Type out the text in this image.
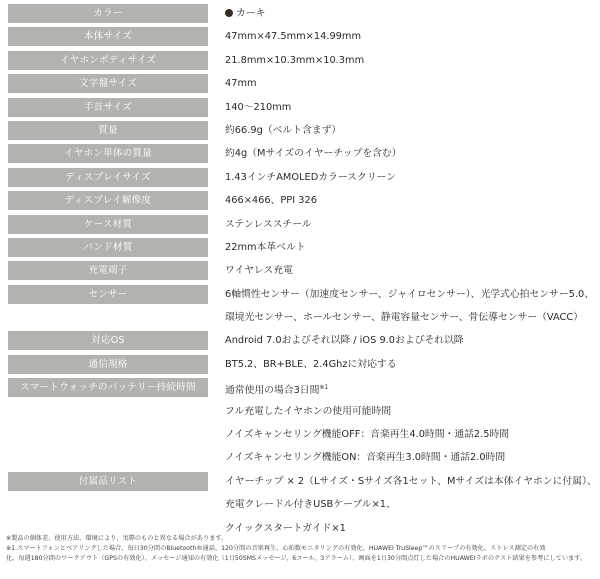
カラー	カーキ
本体サイズ	47mm×47.5mm×14.99mm
イヤホンボディサイズ	21.8mm×10.3mm×10.3mm
文字盤サイズ	47mm
手首サイズ	140～210mm
質量	約66.9g（ベルト含まず）
イヤホン単体の質量	約4g（Mサイズのイヤーチップを含む）
ディスプレイサイズ	1.43インチAMOLEDカラースクリーン
ディスプレイ解像度	466×466、PPI 326
ケース材質	ステンレススチール
バンド材質	22mm本革ベルト
充電端子	ワイヤレス充電
センサー	6軸慣性センサー（加速度センサー、ジャイロセンサー）、光学式心拍センサー5.0、
環境光センサー、ホールセンサー、静電容量センサー、骨伝導センサー（VACC）
対応OS	Android 7.0およびそれ以降 / iOS 9.0およびそれ以降
通信規格	BT5.2、BR+BLE、2.4Ghzに対応する
スマートウォッチのバッテリー持続時間	通常使用の場合3日間$^{※1}$
フル充電したイヤホンの使用可能時間
ノイズキャンセリング機能OFF：音楽再生4.0時間・通話2.5時間
ノイズキャンセリング機能ON：音楽再生3.0時間・通話2.0時間
付属品リスト	イヤーチップ × 2（Lサイズ・Sサイズ各1セット、Mサイズは本体イヤホンに付属）、
充電クレードル付きUSBケーブル×1、
クイックスタートガイド×1
※製品の個体差、使用方法、環境により、実際のものと異なる場合があります。
※1.スマートフォンとペアリングした場合、毎日30分間のBluetooth®通話、120分間の音楽再生、心拍数モニタリングの有効化、HUAWEI TruSleep™のスリープの有効化、ストレス測定の有効
化、毎週180分間のワークアウト（GPSの有効化）、メッセージ通知の有効化（1日50SMSメッセージ、6コール、3アラーム）、画面を1日30分間点灯した場合のHUAWEIラボのテスト結果を参考にしています。
